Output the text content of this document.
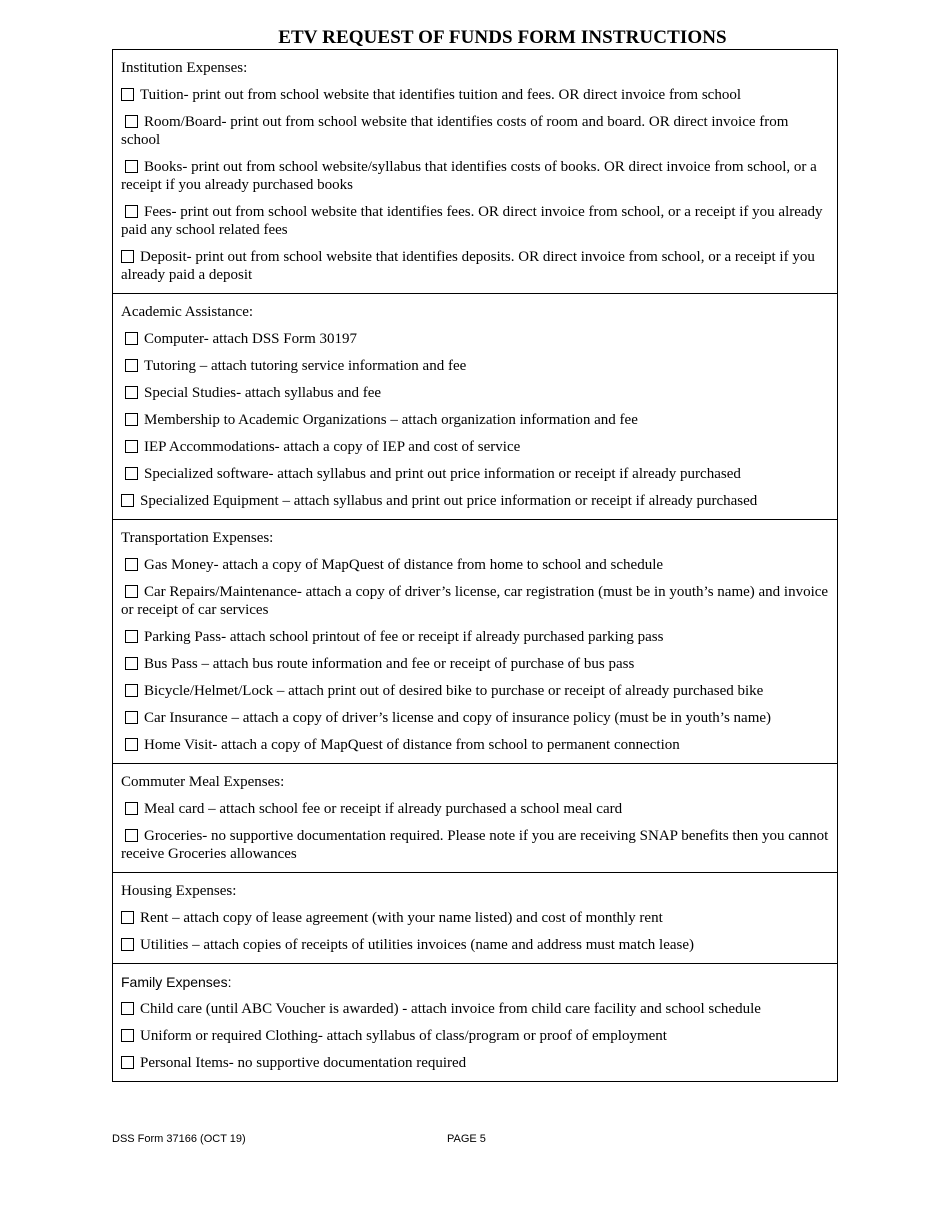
ETV REQUEST OF FUNDS FORM INSTRUCTIONS
Institution Expenses:
Tuition- print out from school website that identifies tuition and fees. OR direct invoice from school
Room/Board- print out from school website that identifies costs of room and board. OR direct invoice from school
Books- print out from school website/syllabus that identifies costs of books. OR direct invoice from school, or a receipt if you already purchased books
Fees- print out from school website that identifies fees. OR direct invoice from school, or a receipt if you already paid any school related fees
Deposit- print out from school website that identifies deposits. OR direct invoice from school, or a receipt if you already paid a deposit
Academic Assistance:
Computer- attach DSS Form 30197
Tutoring – attach tutoring service information and fee
Special Studies- attach syllabus and fee
Membership to Academic Organizations – attach organization information and fee
IEP Accommodations- attach a copy of IEP and cost of service
Specialized software- attach syllabus and print out price information or receipt if already purchased
Specialized Equipment – attach syllabus and print out price information or receipt if already purchased
Transportation Expenses:
Gas Money- attach a copy of MapQuest of distance from home to school and schedule
Car Repairs/Maintenance- attach a copy of driver’s license, car registration (must be in youth’s name) and invoice or receipt of car services
Parking Pass- attach school printout of fee or receipt if already purchased parking pass
Bus Pass – attach bus route information and fee or receipt of purchase of bus pass
Bicycle/Helmet/Lock – attach print out of desired bike to purchase or receipt of already purchased bike
Car Insurance – attach a copy of driver’s license and copy of insurance policy (must be in youth’s name)
Home Visit- attach a copy of MapQuest of distance from school to permanent connection
Commuter Meal Expenses:
Meal card – attach school fee or receipt if already purchased a school meal card
Groceries- no supportive documentation required. Please note if you are receiving SNAP benefits then you cannot receive Groceries allowances
Housing Expenses:
Rent – attach copy of lease agreement (with your name listed) and cost of monthly rent
Utilities – attach copies of receipts of utilities invoices (name and address must match lease)
Family Expenses:
Child care (until ABC Voucher is awarded) - attach invoice from child care facility and school schedule
Uniform or required Clothing- attach syllabus of class/program or proof of employment
Personal Items- no supportive documentation required
DSS Form 37166 (OCT 19)	PAGE 5
